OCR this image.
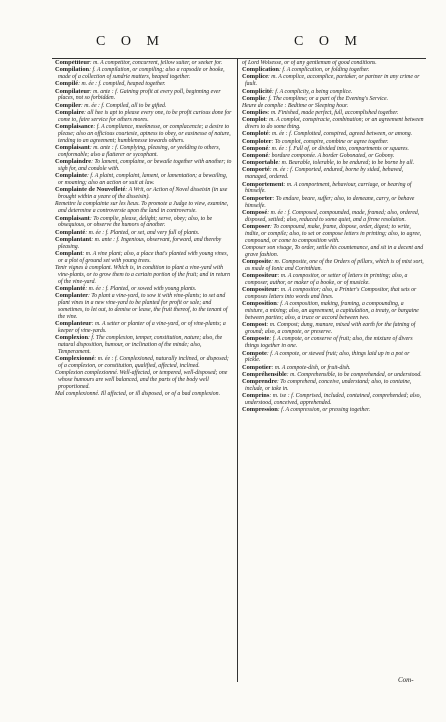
C O M	C O M

Compétiteur: m. A competitor, concurrent, fellow suiter, or seeker for.

Compilation: f. A compilation, or compiling; also a rapsodie or booke, made of a collection of sundrie matters, heaped together.

Compilé: m. ée : f. compiled, heaped together.

Compilateur: m. ante : f. Gaining profit at every poll, beginning ever places, not so forbidden.

Compiler: m. ée : f. Compiled, all to be gifted.

Complaire: all hee is apt to please every one, to be profit curious done for come to, faire service for others mores.

Complaisance: f. A compliance, meeknesse, or complacencie; a desire to please; also an officious courtesie, aptness to obey, or easinesse of nature, tending to an agreement; humblenesse towards others.

Complaisant: m. ante : f. Complying, pleasing, or yeelding to others, conformable; also a flatterer or sycophant.

Complaindre: To lament, complaine, or bewaile together with another; to sigh for, and condole with.

Complainte: f. A plaint, complaint, lament, or lamentation; a bewailing, or moaning; also an action or suit at law.

Complainte de Nouvelleté: A Writ, or Action of Novel disseisin (in use brought within a yeare of the disseisin).

Remettre la complainte sur les lieux. To promote a Judge to view, examine, and determine a controversie upon the land in controversie.

Complaisant: To complie, please, delight; serve, obey; also, to be obsequious, or observe the humors of another.

Complanté: m. ée : f. Planted, or set, and very full of plants.

Complantant: m. ante : f. Ingenious, observant, forward, and thereby pleasing.

Complant: m. A vine plant; also, a place that's planted with young vines, or a plot of ground set with young trees.

Tenir vignes à complant. Which is, in condition to plant a vine-yard with vine-plants, or to grow them to a certain portion of the fruit; and in return of the vine-yard.

Complanté: m. ée : f. Planted, or sowed with young plants.

Complanter: To plant a vine-yard, to sow it with vine-plants; to set and plant vines in a new vine-yard to be planted for profit or sale; and sometimes, to let out, to demise or lease, the fruit thereof, to the tenant of the vine.

Complanteur: m. A setter or planter of a vine-yard, or of vine-plants; a keeper of vine-yards.

Complexion: f. The complexion, temper, constitution, nature; also, the natural disposition, humour, or inclination of the minde; also, Temperament.

Complexionné: m. ée : f. Complexioned, naturally inclined, or disposed; of a complexion, or constitution, qualified, affected, inclined.

Complexion complexionné. Well-affected, or tempered, well-disposed; one whose humours are well balanced, and the parts of the body well proportioned.

Mal complexionné. Ill affected, or ill disposed, or of a bad complexion.

of Lord Wolsesse, or of any gentleman of good conditions.

Complication: f. A complication, or folding together.

Complice: m. A complice, accomplice, partaker, or partner in any crime or fault.

Complicité: f. A complicity, a being complice.

Complie: f. The complime; or a part of the Evening's Service.

Heure de complie : Bedtime or Sleeping hour.

Complies: m. Finished, made perfect, full, accomplished together.

Complot: m. A complot, conspiracie, combination; or an agreement between divers to do some thing.

Comploté: m. ée : f. Complotted, conspired, agreed between, or among.

Comploter: To complot, conspire, combine or agree together.

Componé: m. ée : f. Full of, or divided into, compartments or squares.

Componé: bordure componée. A border Gobonated, or Gobony.

Comportable: m. Bearable, tolerable, to be endured; to be borne by all.

Comporté: m. ée : f. Comported, endured, borne by sided, behaved, managed, ordered.

Comportement: m. A comportment, behaviour, carriage, or bearing of himselfe.

Comporter: To endure, beare, suffer; also, to demeane, carry, or behave himselfe.

Composé: m. ée : f. Composed, compounded, made, framed; also, ordered, disposed, settled; also, reduced to some quiet, and a firme resolution.

Composer: To compound, make, frame, dispose, order, digest; to write, indite, or compile; also, to set or compose letters in printing; also, to agree, compound, or come to composition with.

Composer son visage, To order, settle his countenance, and sit in a decent and grave fashion.

Composite: m. Composite, one of the Orders of pillars, which is of mixt sort, as made of Ionic and Corinthian.

Compositeur: m. A compositor, or setter of letters in printing; also, a composer, author, or maker of a booke, or of musicke.

Compositeur: m. A compositor; also, a Printer's Compositor, that sets or composes letters into words and lines.

Composition: f. A composition, making, framing, a compounding, a mixture, a mixing; also, an agreement, a capitulation, a treaty, or bargaine between parties; also, a truce or accord between two.

Compost: m. Compost; dung, manure, mixed with earth for the fatning of ground; also, a compote, or preserve.

Composte: f. A compote, or conserve of fruit; also, the mixture of divers things together in one.

Compote: f. A compote, or stewed fruit; also, things laid up in a pot or pickle.

Compotier: m. A compote-dish, or fruit-dish.

Compréhensible: m. Comprehensible, to be comprehended, or understood.

Comprendre: To comprehend, conceive, understand; also, to containe, include, or take in.

Comprins: m. ise : f. Comprised, included, contained, comprehended; also, understood, conceived, apprehended.

Compression: f. A compression, or pressing together.

Com-
